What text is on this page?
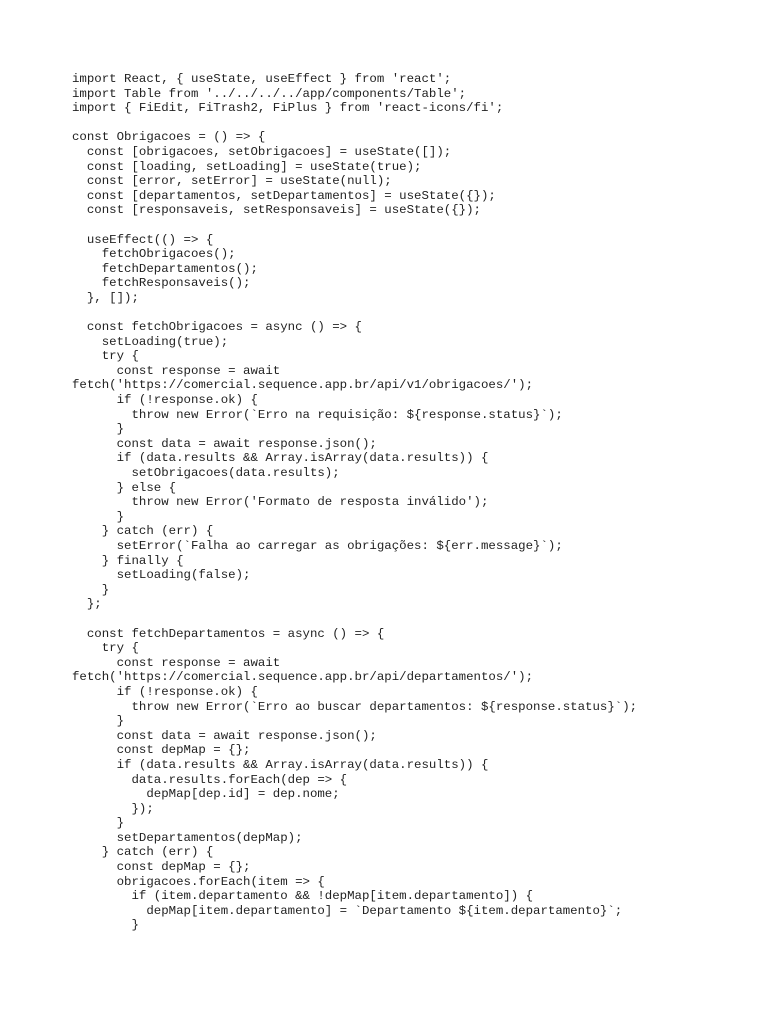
import React, { useState, useEffect } from 'react';
import Table from '../../../../app/components/Table';
import { FiEdit, FiTrash2, FiPlus } from 'react-icons/fi';
const Obrigacoes = () => {
const [obrigacoes, setObrigacoes] = useState([]);
const [loading, setLoading] = useState(true);
const [error, setError] = useState(null);
const [departamentos, setDepartamentos] = useState({});
const [responsaveis, setResponsaveis] = useState({});
useEffect(() => {
fetchObrigacoes();
fetchDepartamentos();
fetchResponsaveis();
}, []);
const fetchObrigacoes = async () => {
setLoading(true);
try {
const response = await
fetch('https://comercial.sequence.app.br/api/v1/obrigacoes/');
if (!response.ok) {
throw new Error(`Erro na requisição: ${response.status}`);
}
const data = await response.json();
if (data.results && Array.isArray(data.results)) {
setObrigacoes(data.results);
} else {
throw new Error('Formato de resposta inválido');
}
} catch (err) {
setError(`Falha ao carregar as obrigações: ${err.message}`);
} finally {
setLoading(false);
}
};
const fetchDepartamentos = async () => {
try {
const response = await
fetch('https://comercial.sequence.app.br/api/departamentos/');
if (!response.ok) {
throw new Error(`Erro ao buscar departamentos: ${response.status}`);
}
const data = await response.json();
const depMap = {};
if (data.results && Array.isArray(data.results)) {
data.results.forEach(dep => {
depMap[dep.id] = dep.nome;
});
}
setDepartamentos(depMap);
} catch (err) {
const depMap = {};
obrigacoes.forEach(item => {
if (item.departamento && !depMap[item.departamento]) {
depMap[item.departamento] = `Departamento ${item.departamento}`;
}
